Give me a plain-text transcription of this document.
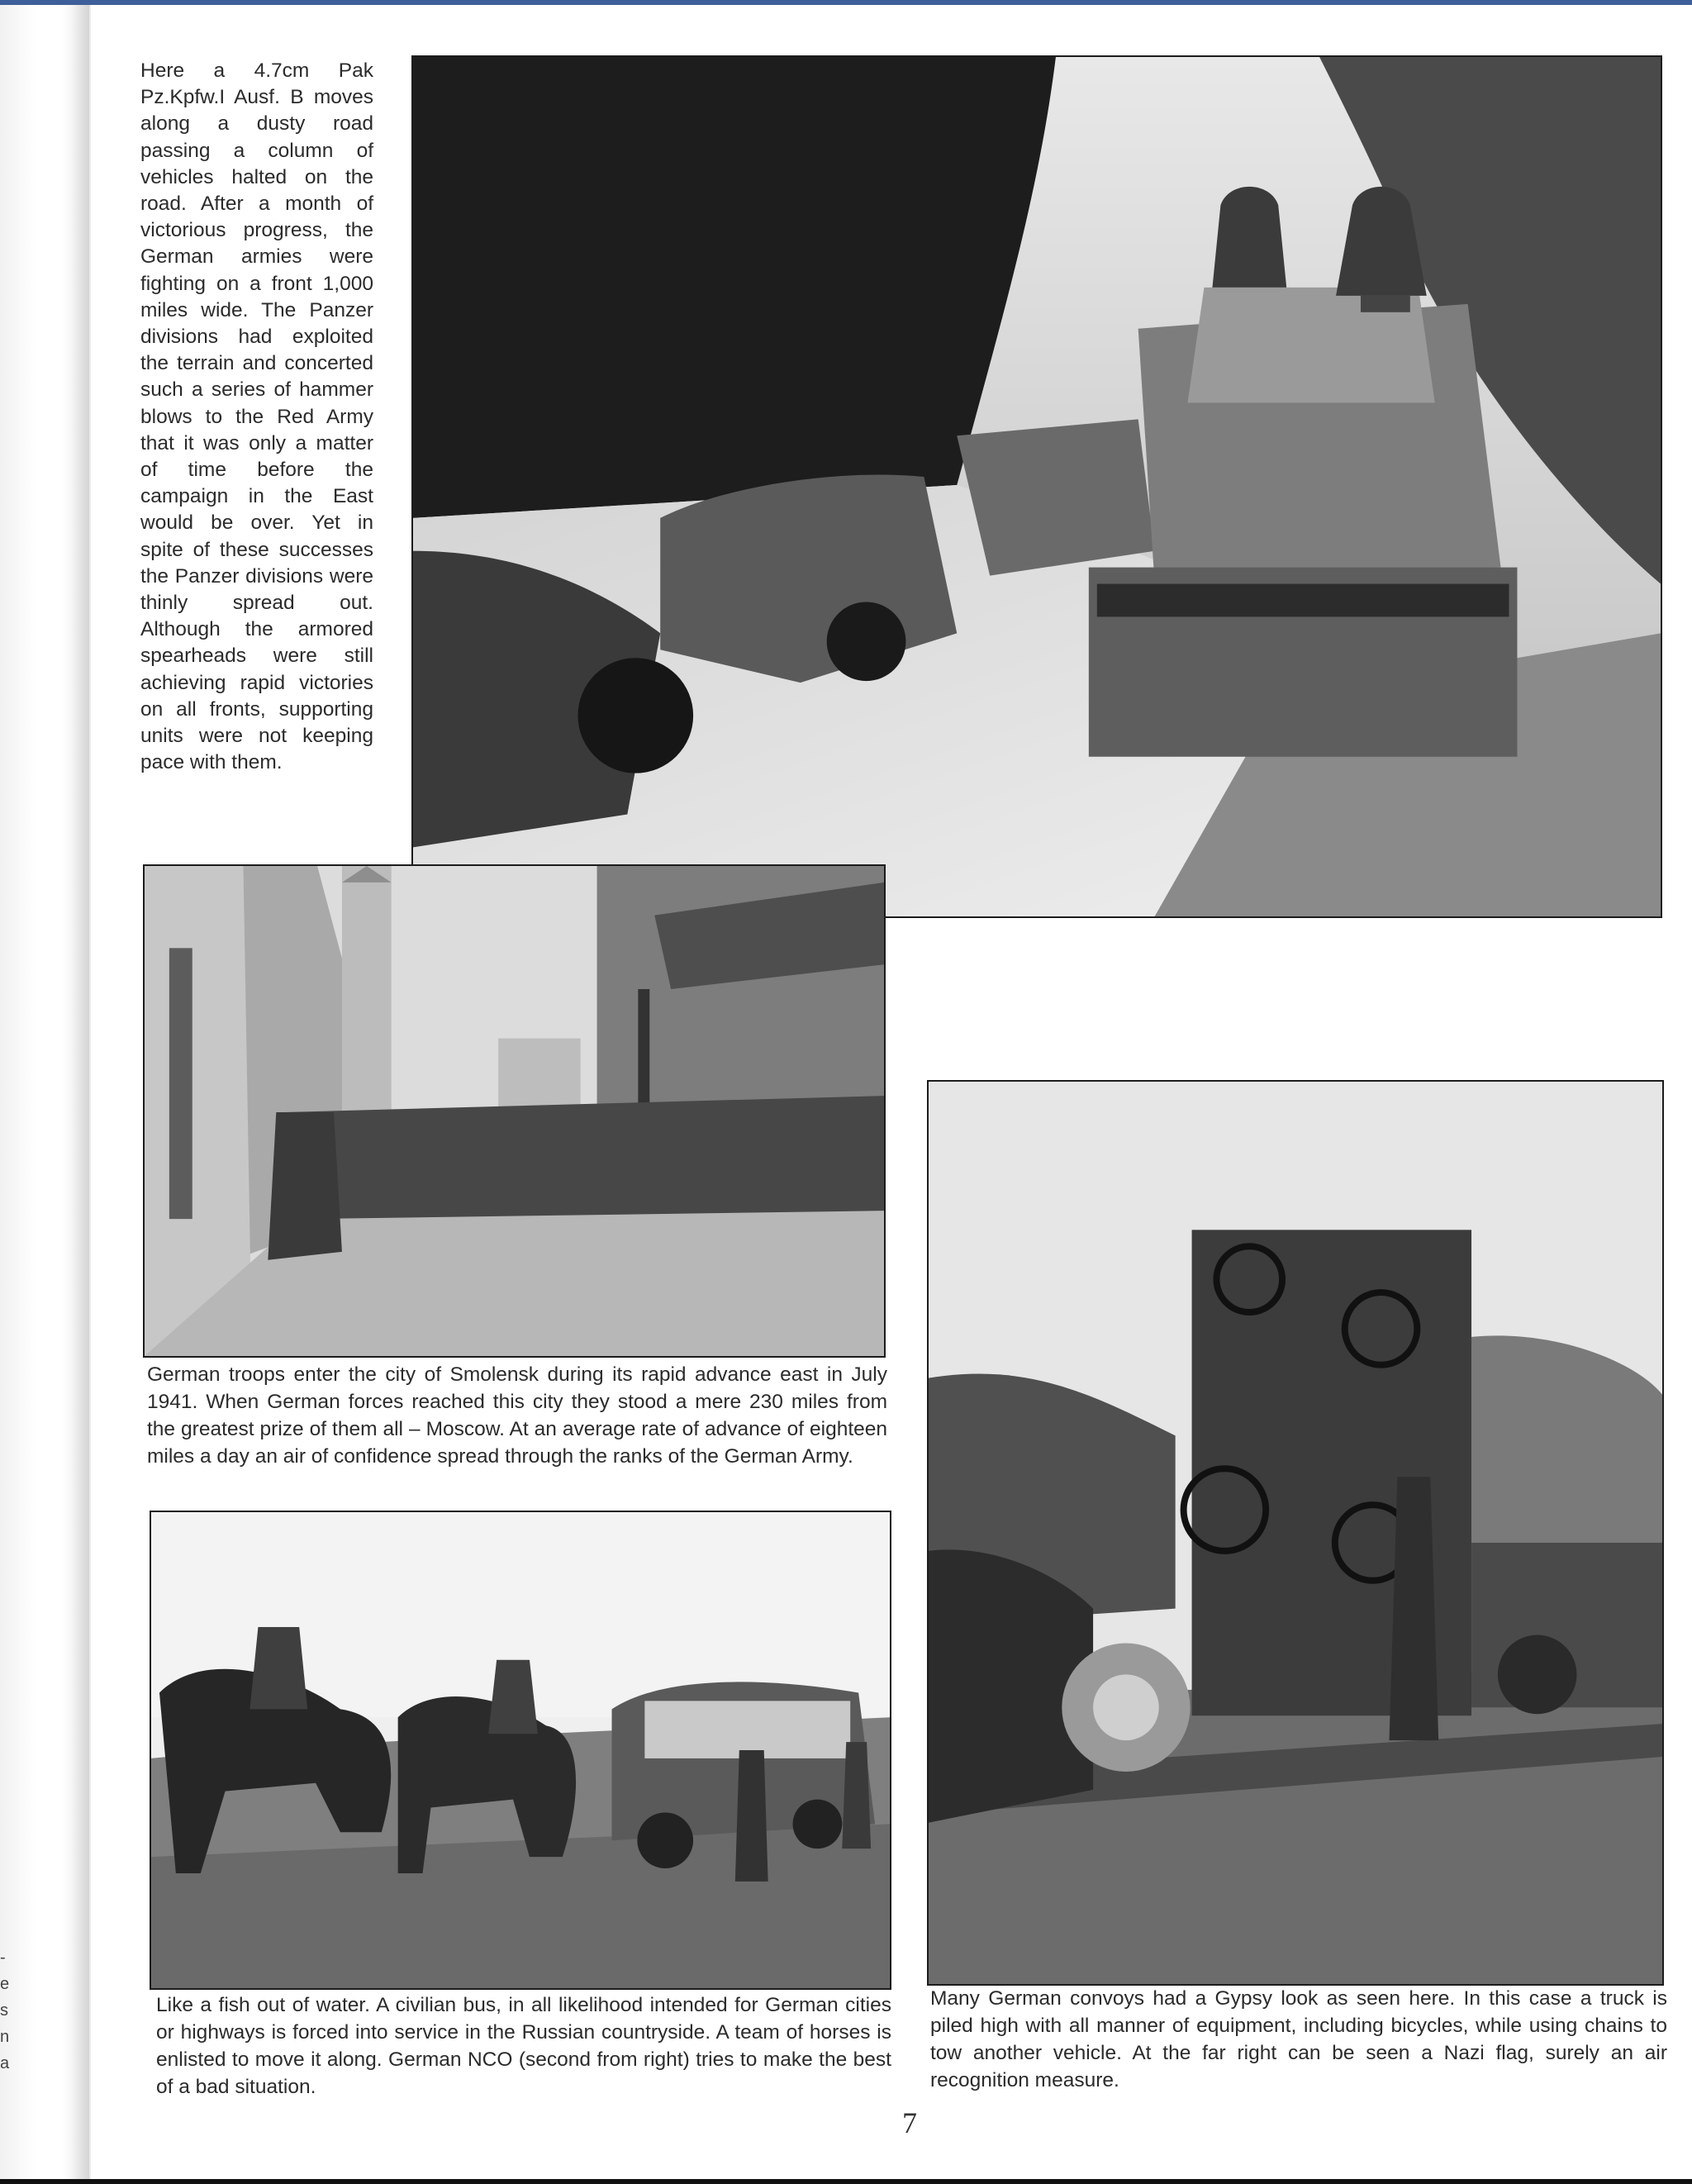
-
e
s
n
a
Here a 4.7cm Pak Pz.Kpfw.I Ausf. B moves along a dusty road passing a column of vehicles halted on the road. After a month of victorious progress, the German armies were fighting on a front 1,000 miles wide. The Panzer divisions had exploited the terrain and concerted such a series of hammer blows to the Red Army that it was only a matter of time before the campaign in the East would be over. Yet in spite of these successes the Panzer divisions were thinly spread out. Although the armored spearheads were still achieving rapid victories on all fronts, supporting units were not keeping pace with them.
German troops enter the city of Smolensk during its rapid advance east in July 1941. When German forces reached this city they stood a mere 230 miles from the greatest prize of them all – Moscow. At an average rate of advance of eighteen miles a day an air of confidence spread through the ranks of the German Army.
Like a fish out of water. A civilian bus, in all likelihood intended for German cities or highways is forced into service in the Russian countryside. A team of horses is enlisted to move it along. German NCO (second from right) tries to make the best of a bad situation.
Many German convoys had a Gypsy look as seen here. In this case a truck is piled high with all manner of equipment, including bicycles, while using chains to tow another vehicle. At the far right can be seen a Nazi flag, surely an air recognition measure.
7
